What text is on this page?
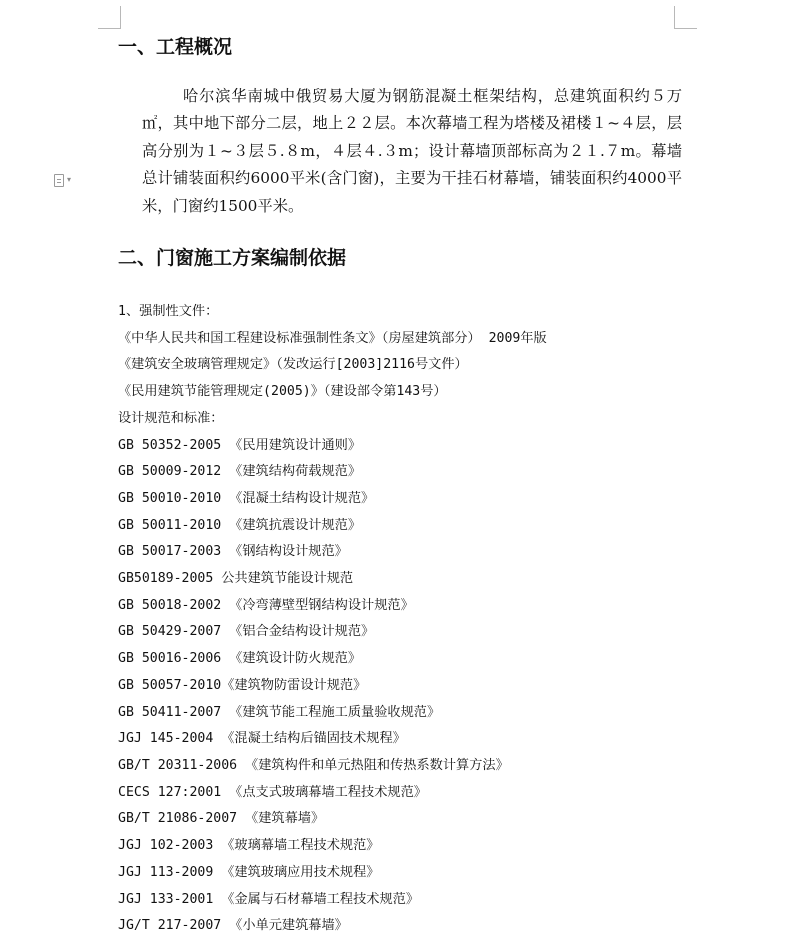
▾
一、工程概况

哈尔滨华南城中俄贸易大厦为钢筋混凝土框架结构，总建筑面积约５万㎡，其中地下部分二层，地上２２层。本次幕墙工程为塔楼及裙楼１~４层，层高分别为１~３层５.８m，４层４.３m；设计幕墙顶部标高为２１.７m。幕墙总计铺装面积约6000平米(含门窗)，主要为干挂石材幕墙，铺装面积约4000平米，门窗约1500平米。

二、门窗施工方案编制依据
1、强制性文件：
《中华人民共和国工程建设标准强制性条文》（房屋建筑部分） 2009年版
《建筑安全玻璃管理规定》（发改运行[2003]2116号文件）
《民用建筑节能管理规定(2005)》（建设部令第143号）
设计规范和标准：
GB 50352-2005 《民用建筑设计通则》
GB 50009-2012 《建筑结构荷载规范》
GB 50010-2010 《混凝土结构设计规范》
GB 50011-2010 《建筑抗震设计规范》
GB 50017-2003 《钢结构设计规范》
GB50189-2005 公共建筑节能设计规范
GB 50018-2002 《冷弯薄壁型钢结构设计规范》
GB 50429-2007 《铝合金结构设计规范》
GB 50016-2006 《建筑设计防火规范》
GB 50057-2010《建筑物防雷设计规范》
GB 50411-2007 《建筑节能工程施工质量验收规范》
JGJ 145-2004 《混凝土结构后锚固技术规程》
GB/T 20311-2006 《建筑构件和单元热阻和传热系数计算方法》
CECS 127:2001 《点支式玻璃幕墙工程技术规范》
GB/T 21086-2007 《建筑幕墙》
JGJ 102-2003 《玻璃幕墙工程技术规范》
JGJ 113-2009 《建筑玻璃应用技术规程》
JGJ 133-2001 《金属与石材幕墙工程技术规范》
JG/T 217-2007 《小单元建筑幕墙》
